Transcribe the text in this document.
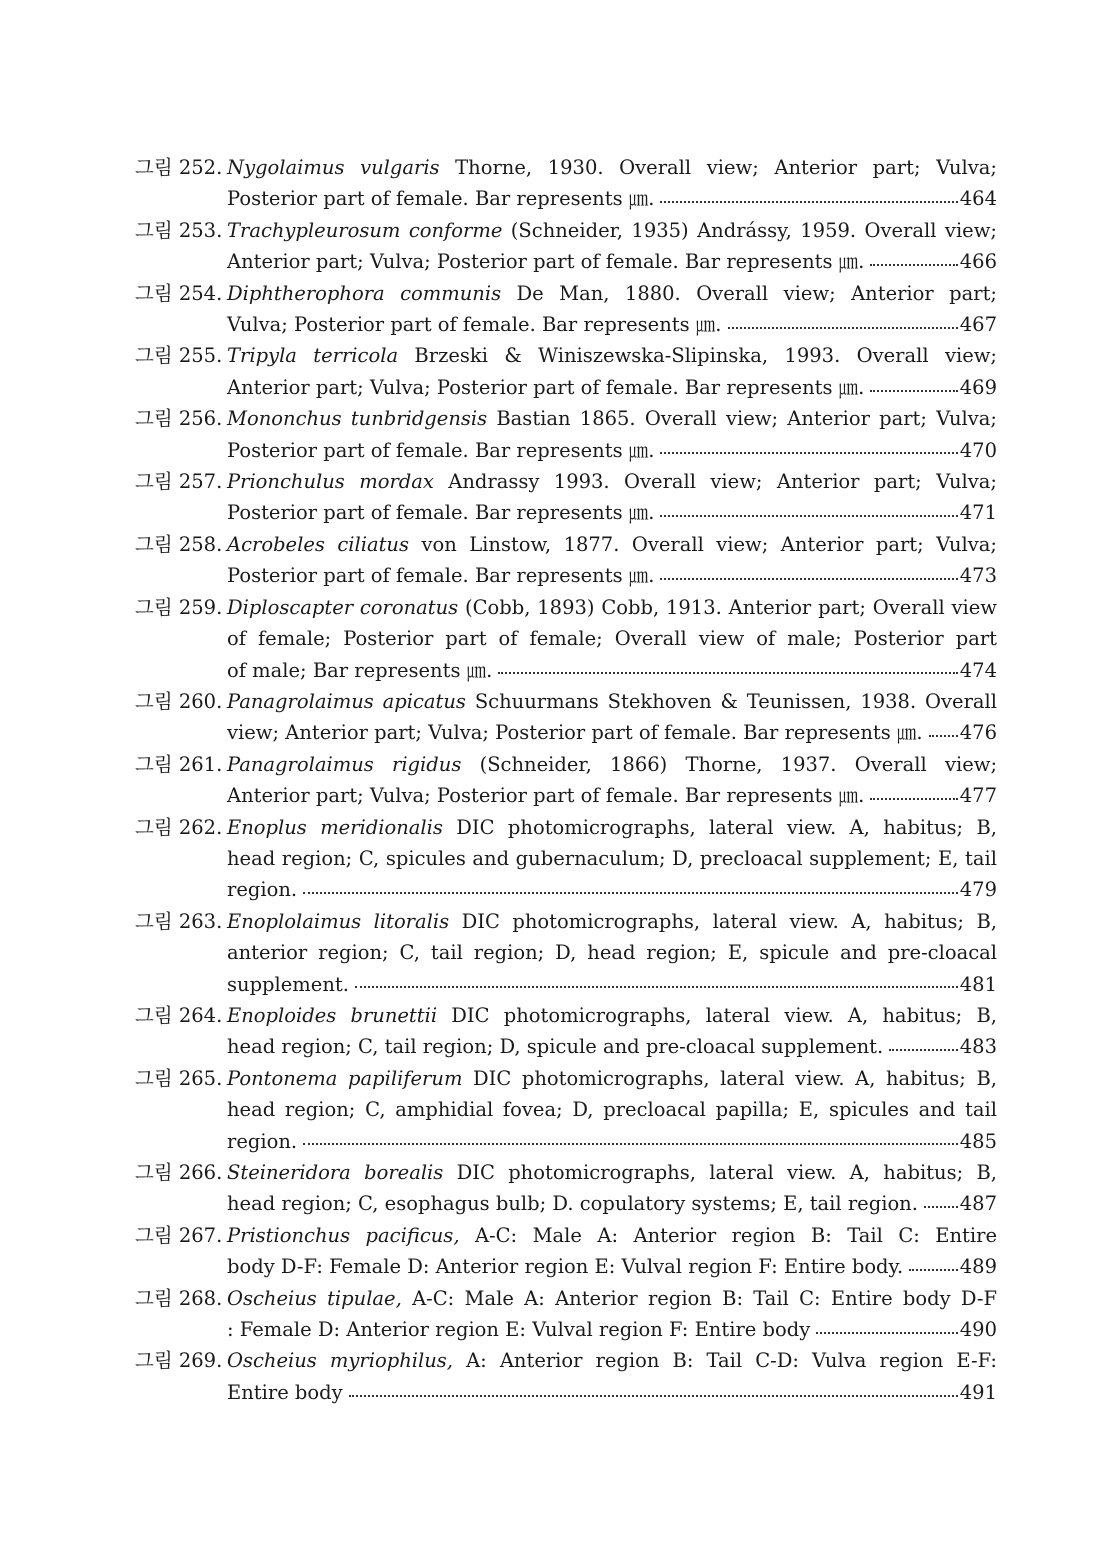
그림 252. Nygolaimus vulgaris Thorne, 1930. Overall view; Anterior part; Vulva;
Posterior part of female. Bar represents ㎛.	464
그림 253. Trachypleurosum conforme (Schneider, 1935) Andrássy, 1959. Overall view;
Anterior part; Vulva; Posterior part of female. Bar represents ㎛.	466
그림 254. Diphtherophora communis De Man, 1880. Overall view; Anterior part;
Vulva; Posterior part of female. Bar represents ㎛.	467
그림 255. Tripyla terricola Brzeski & Winiszewska-Slipinska, 1993. Overall view;
Anterior part; Vulva; Posterior part of female. Bar represents ㎛.	469
그림 256. Mononchus tunbridgensis Bastian 1865. Overall view; Anterior part; Vulva;
Posterior part of female. Bar represents ㎛.	470
그림 257. Prionchulus mordax Andrassy 1993. Overall view; Anterior part; Vulva;
Posterior part of female. Bar represents ㎛.	471
그림 258. Acrobeles ciliatus von Linstow, 1877. Overall view; Anterior part; Vulva;
Posterior part of female. Bar represents ㎛.	473
그림 259. Diploscapter coronatus (Cobb, 1893) Cobb, 1913. Anterior part; Overall view
of female; Posterior part of female; Overall view of male; Posterior part
of male; Bar represents ㎛.	474
그림 260. Panagrolaimus apicatus Schuurmans Stekhoven & Teunissen, 1938. Overall
view; Anterior part; Vulva; Posterior part of female. Bar represents ㎛. 476
그림 261. Panagrolaimus rigidus (Schneider, 1866) Thorne, 1937. Overall view;
Anterior part; Vulva; Posterior part of female. Bar represents ㎛.	477
그림 262. Enoplus meridionalis DIC photomicrographs, lateral view. A, habitus; B,
head region; C, spicules and gubernaculum; D, precloacal supplement; E, tail
region.	479
그림 263. Enoplolaimus litoralis DIC photomicrographs, lateral view. A, habitus; B,
anterior region; C, tail region; D, head region; E, spicule and pre-cloacal
supplement.	481
그림 264. Enoploides brunettii DIC photomicrographs, lateral view. A, habitus; B,
head region; C, tail region; D, spicule and pre-cloacal supplement.	483
그림 265. Pontonema papiliferum DIC photomicrographs, lateral view. A, habitus; B,
head region; C, amphidial fovea; D, precloacal papilla; E, spicules and tail
region.	485
그림 266. Steineridora borealis DIC photomicrographs, lateral view. A, habitus; B,
head region; C, esophagus bulb; D. copulatory systems; E, tail region. 487
그림 267. Pristionchus pacificus, A-C: Male A: Anterior region B: Tail C: Entire
body D-F: Female D: Anterior region E: Vulval region F: Entire body.	489
그림 268. Oscheius tipulae, A-C: Male A: Anterior region B: Tail C: Entire body D-F
: Female D: Anterior region E: Vulval region F: Entire body	490
그림 269. Oscheius myriophilus, A: Anterior region B: Tail C-D: Vulva region E-F:
Entire body	491
